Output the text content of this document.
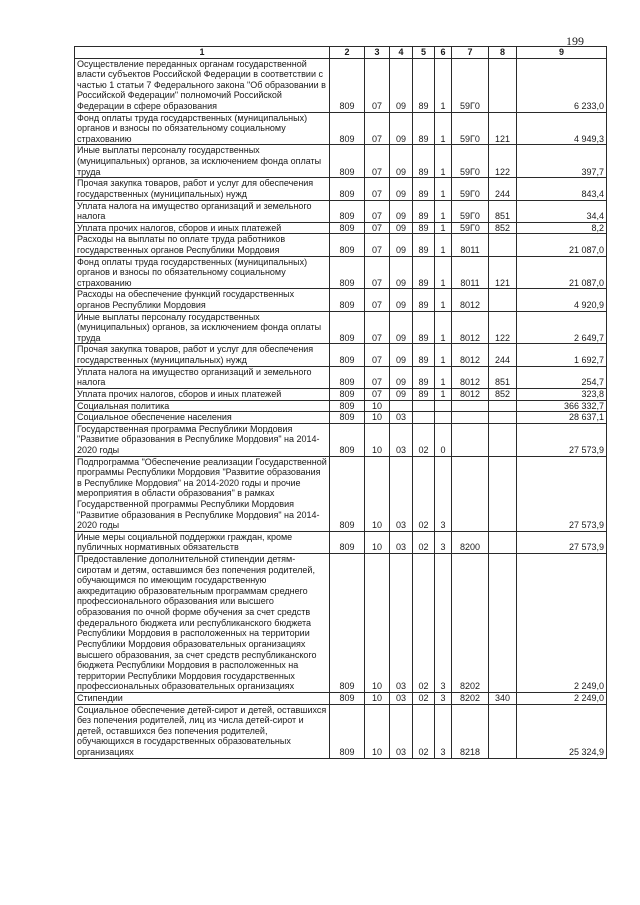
199
1	2	3	4	5	6	7	8	9
Осуществление переданных органам государственной власти субъектов Российской Федерации в соответствии с частью 1 статьи 7 Федерального закона "Об образовании в Российской Федерации" полномочий Российской Федерации в сфере образования	809	07	09	89	1	59Г0		6 233,0
Фонд оплаты труда государственных (муниципальных) органов и взносы по обязательному социальному страхованию	809	07	09	89	1	59Г0	121	4 949,3
Иные выплаты персоналу государственных (муниципальных) органов, за исключением фонда оплаты труда	809	07	09	89	1	59Г0	122	397,7
Прочая закупка товаров, работ и услуг для обеспечения государственных (муниципальных) нужд	809	07	09	89	1	59Г0	244	843,4
Уплата налога на имущество организаций и земельного налога	809	07	09	89	1	59Г0	851	34,4
Уплата прочих налогов, сборов и иных платежей	809	07	09	89	1	59Г0	852	8,2
Расходы на выплаты по оплате труда работников государственных органов Республики Мордовия	809	07	09	89	1	8011		21 087,0
Фонд оплаты труда государственных (муниципальных) органов и взносы по обязательному социальному страхованию	809	07	09	89	1	8011	121	21 087,0
Расходы на обеспечение функций государственных органов Республики Мордовия	809	07	09	89	1	8012		4 920,9
Иные выплаты персоналу государственных (муниципальных) органов, за исключением фонда оплаты труда	809	07	09	89	1	8012	122	2 649,7
Прочая закупка товаров, работ и услуг для обеспечения государственных (муниципальных) нужд	809	07	09	89	1	8012	244	1 692,7
Уплата налога на имущество организаций и земельного налога	809	07	09	89	1	8012	851	254,7
Уплата прочих налогов, сборов и иных платежей	809	07	09	89	1	8012	852	323,8
Социальная политика	809	10						366 332,7
Социальное обеспечение населения	809	10	03					28 637,1
Государственная программа Республики Мордовия "Развитие образования в Республике Мордовия" на 2014-2020 годы	809	10	03	02	0			27 573,9
Подпрограмма "Обеспечение реализации Государственной программы Республики Мордовия "Развитие образования в Республике Мордовия" на 2014-2020 годы и прочие мероприятия в области образования" в рамках Государственной программы Республики Мордовия "Развитие образования в Республике Мордовия" на 2014-2020 годы	809	10	03	02	3			27 573,9
Иные меры социальной поддержки граждан, кроме публичных нормативных обязательств	809	10	03	02	3	8200		27 573,9
Предоставление дополнительной стипендии детям-сиротам и детям, оставшимся без попечения родителей, обучающимся по имеющим государственную аккредитацию образовательным программам среднего профессионального образования или высшего образования по очной форме обучения за счет средств федерального бюджета или республиканского бюджета Республики Мордовия в расположенных на территории Республики Мордовия образовательных организациях высшего образования, за счет средств республиканского бюджета Республики Мордовия в расположенных на территории Республики Мордовия государственных профессиональных образовательных организациях	809	10	03	02	3	8202		2 249,0
Стипендии	809	10	03	02	3	8202	340	2 249,0
Социальное обеспечение детей-сирот и детей, оставшихся без попечения родителей, лиц из числа детей-сирот и детей, оставшихся без попечения родителей, обучающихся в государственных образовательных организациях	809	10	03	02	3	8218		25 324,9
